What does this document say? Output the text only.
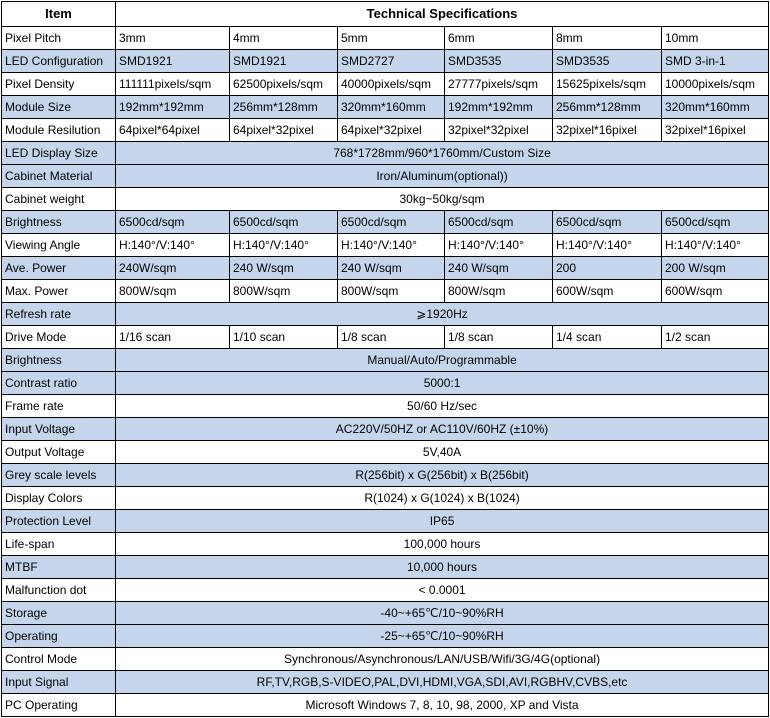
Item	Technical Specifications					
Pixel Pitch	3mm	4mm	5mm	6mm	8mm	10mm
LED Configuration	SMD1921	SMD1921	SMD2727	SMD3535	SMD3535	SMD 3-in-1
Pixel Density	111111pixels/sqm	62500pixels/sqm	40000pixels/sqm	27777pixels/sqm	15625pixels/sqm	10000pixels/sqm
Module Size	192mm*192mm	256mm*128mm	320mm*160mm	192mm*192mm	256mm*128mm	320mm*160mm
Module Resilution	64pixel*64pixel	64pixel*32pixel	64pixel*32pixel	32pixel*32pixel	32pixel*16pixel	32pixel*16pixel
LED Display Size	768*1728mm/960*1760mm/Custom Size					
Cabinet Material	Iron/Aluminum(optional))					
Cabinet weight	30kg~50kg/sqm					
Brightness	6500cd/sqm	6500cd/sqm	6500cd/sqm	6500cd/sqm	6500cd/sqm	6500cd/sqm
Viewing Angle	H:140°/V:140°	H:140°/V:140°	H:140°/V:140°	H:140°/V:140°	H:140°/V:140°	H:140°/V:140°
Ave. Power	240W/sqm	240 W/sqm	240 W/sqm	240 W/sqm	200	200 W/sqm
Max. Power	800W/sqm	800W/sqm	800W/sqm	800W/sqm	600W/sqm	600W/sqm
Refresh rate	⩾1920Hz					
Drive Mode	1/16 scan	1/10 scan	1/8 scan	1/8 scan	1/4 scan	1/2 scan
Brightness	Manual/Auto/Programmable					
Contrast ratio	5000:1					
Frame rate	50/60 Hz/sec					
Input Voltage	AC220V/50HZ or AC110V/60HZ (±10%)					
Output Voltage	5V,40A					
Grey scale levels	R(256bit) x G(256bit) x B(256bit)					
Display Colors	R(1024) x G(1024) x B(1024)					
Protection Level	IP65					
Life-span	100,000 hours					
MTBF	10,000 hours					
Malfunction dot	< 0.0001					
Storage	-40~+65℃/10~90%RH					
Operating	-25~+65℃/10~90%RH					
Control Mode	Synchronous/Asynchronous/LAN/USB/Wifi/3G/4G(optional)					
Input Signal	RF,TV,RGB,S-VIDEO,PAL,DVI,HDMI,VGA,SDI,AVI,RGBHV,CVBS,etc					
PC Operating	Microsoft Windows 7, 8, 10, 98, 2000, XP and Vista					
